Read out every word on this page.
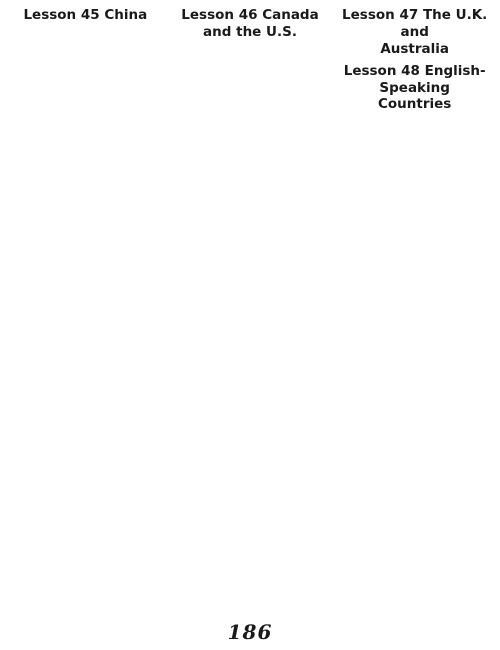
Lesson 45 China	Lesson 46 Canada and the U.S.
Lesson 47 The U.K. and
Australia
Lesson 48 English-Speaking
Countries
186
